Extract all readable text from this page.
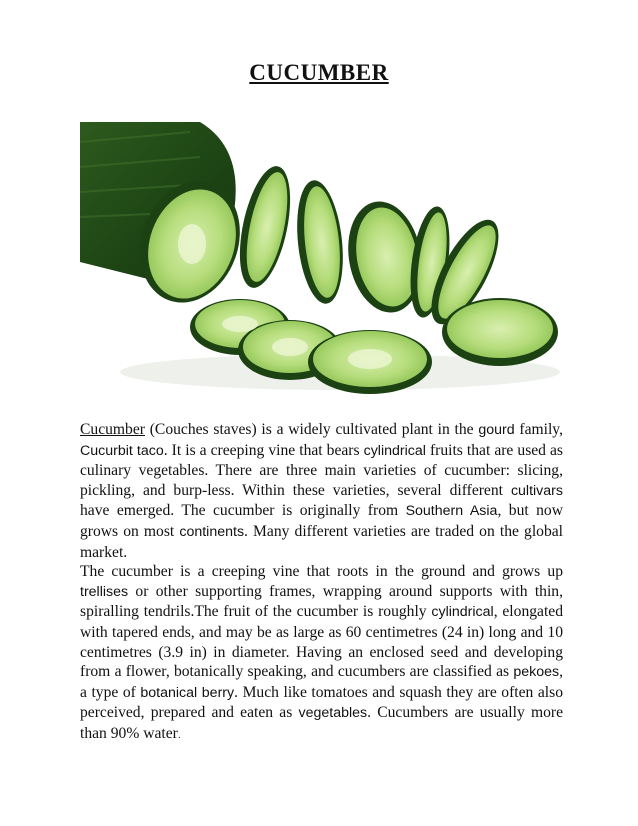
CUCUMBER

Cucumber (Couches staves) is a widely cultivated plant in the gourd family, Cucurbit taco. It is a creeping vine that bears cylindrical fruits that are used as culinary vegetables. There are three main varieties of cucumber: slicing, pickling, and burp-less. Within these varieties, several different cultivars have emerged. The cucumber is originally from Southern Asia, but now grows on most continents. Many different varieties are traded on the global market.

The cucumber is a creeping vine that roots in the ground and grows up trellises or other supporting frames, wrapping around supports with thin, spiralling tendrils.The fruit of the cucumber is roughly cylindrical, elongated with tapered ends, and may be as large as 60 centimetres (24 in) long and 10 centimetres (3.9 in) in diameter. Having an enclosed seed and developing from a flower, botanically speaking, and cucumbers are classified as pekoes, a type of botanical berry. Much like tomatoes and squash they are often also perceived, prepared and eaten as vegetables. Cucumbers are usually more than 90% water.
